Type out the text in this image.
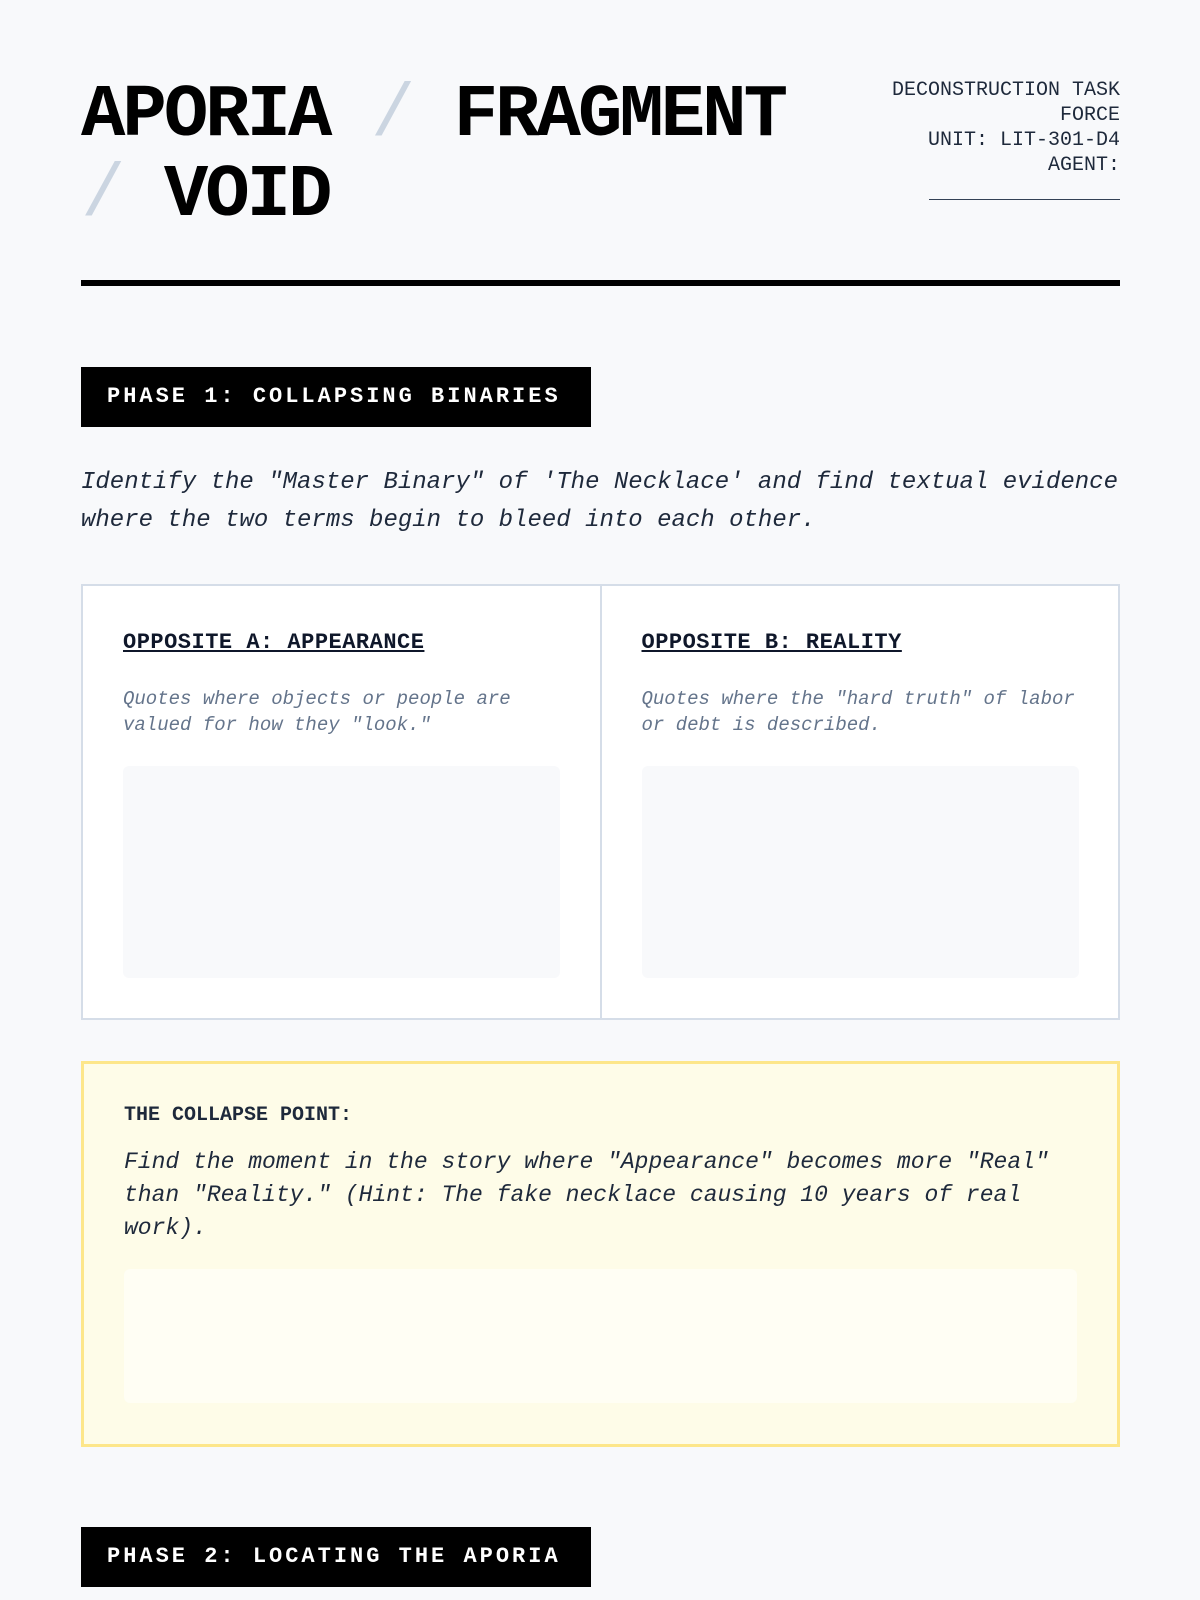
APORIA / FRAGMENT
/ VOID
DECONSTRUCTION TASK
FORCE
UNIT: LIT-301-D4
AGENT:
PHASE 1: COLLAPSING BINARIES

Identify the "Master Binary" of 'The Necklace' and find textual evidence where the two terms begin to bleed into each other.

OPPOSITE A: APPEARANCE

Quotes where objects or people are valued for how they "look."

OPPOSITE B: REALITY

Quotes where the "hard truth" of labor or debt is described.

THE COLLAPSE POINT:

Find the moment in the story where "Appearance" becomes more "Real" than "Reality." (Hint: The fake necklace causing 10 years of real work).

PHASE 2: LOCATING THE APORIA
